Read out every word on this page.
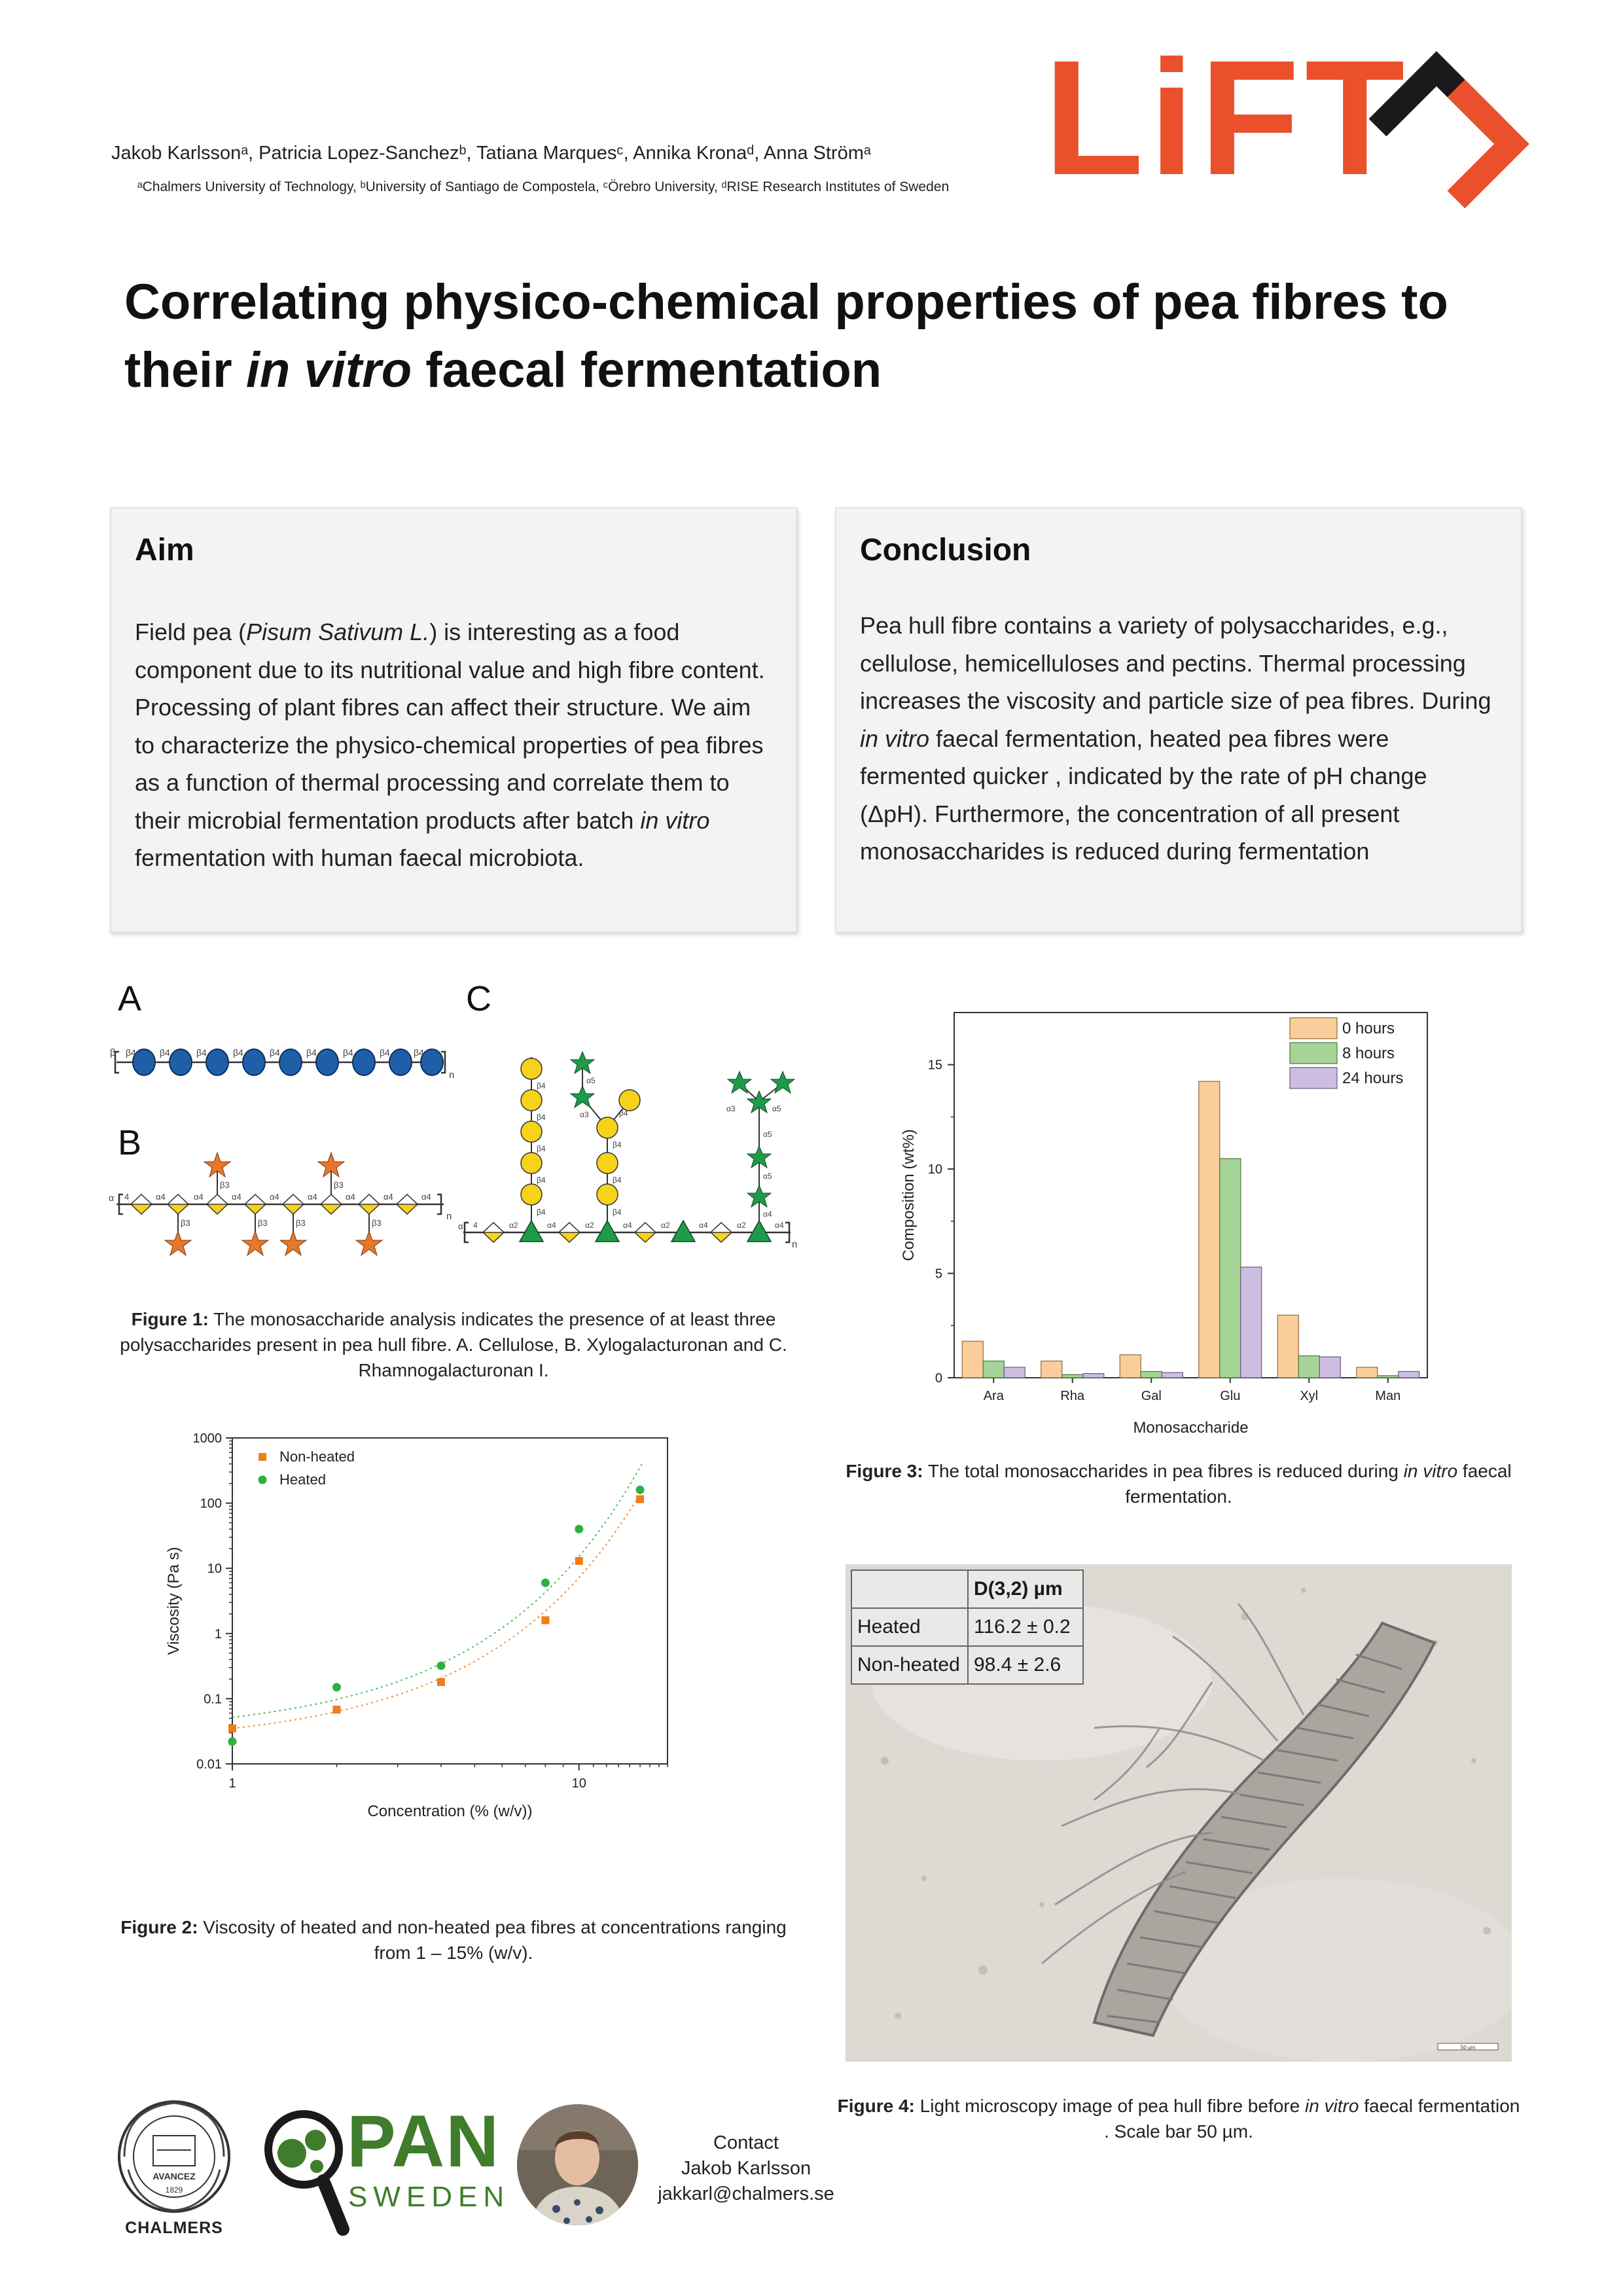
Jakob Karlssonᵃ, Patricia Lopez-Sanchezᵇ, Tatiana Marquesᶜ, Annika Kronaᵈ, Anna Strömᵃ
ᵃChalmers University of Technology, ᵇUniversity of Santiago de Compostela, ᶜÖrebro University, ᵈRISE Research Institutes of Sweden LiFT
Correlating physico-chemical properties of pea fibres to their in vitro faecal fermentation
Aim

Field pea (Pisum Sativum L.) is interesting as a food component due to its nutritional value and high fibre content. Processing of plant fibres can affect their structure. We aim to characterize the physico-chemical properties of pea fibres as a function of thermal processing and correlate them to their microbial fermentation products after batch in vitro fermentation with human faecal microbiota.

Conclusion

Pea hull fibre contains a variety of polysaccharides, e.g., cellulose, hemicelluloses and pectins. Thermal processing increases the viscosity and particle size of pea fibres. During in vitro faecal fermentation, heated pea fibres were fermented quicker , indicated by the rate of pH change (ΔpH). Furthermore, the concentration of all present monosaccharides is reduced during fermentation

A
B
C
β
n
β4	β4	β4	β4	β4	β4	β4	β4	β4
α
n
4	α4	α4	α4	α4	α4	α4	α4	α4
β3	β3
β3	β3	β3	β3	α
n
4	α2	α4	α2	α4	α2	α4	α2	α4
β4
β4
β4
β4
β4
β4
β4
β4
β4
α3
α5
α4
α5
α5
α3	α5
Figure 1: The monosaccharide analysis indicates the presence of at least three polysaccharides present in pea hull fibre. A. Cellulose, B. Xylogalacturonan and C. Rhamnogalacturonan I.
0.01
0.1
1
10
100
1000
1	10
Concentration (% (w/v))
Viscosity (Pa s)
Non-heated
Heated
Figure 2: Viscosity of heated and non-heated pea fibres at concentrations ranging from 1 – 15% (w/v).
0
5
10
15
Ara	Rha	Gal	Glu	Xyl	Man
Monosaccharide
Composition (wt%)
0 hours
8 hours
24 hours
Figure 3: The total monosaccharides in pea fibres is reduced during in vitro faecal fermentation.
50 µm
	D(3,2) µm
Heated	116.2 ± 0.2
Non-heated	98.4 ± 2.6
Figure 4: Light microscopy image of pea hull fibre before in vitro faecal fermentation . Scale bar 50 µm.
AVANCEZ
1829
CHALMERS
PAN
SWEDEN
Contact
Jakob Karlsson
jakkarl@chalmers.se
